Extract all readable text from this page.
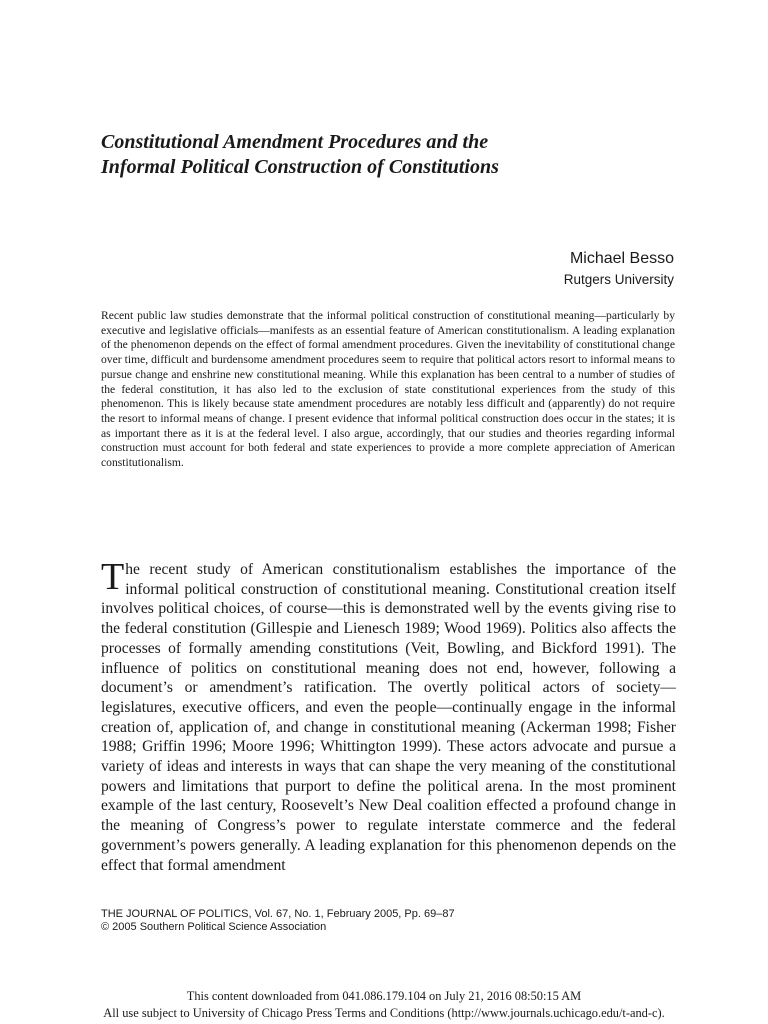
Constitutional Amendment Procedures and the
Informal Political Construction of Constitutions
Michael Besso
Rutgers University

Recent public law studies demonstrate that the informal political construction of constitutional meaning—particularly by executive and legislative officials—manifests as an essential feature of American constitutionalism. A leading explanation of the phenomenon depends on the effect of formal amendment procedures. Given the inevitability of constitutional change over time, difficult and burdensome amendment procedures seem to require that political actors resort to informal means to pursue change and enshrine new constitutional meaning. While this explanation has been central to a number of studies of the federal constitution, it has also led to the exclusion of state constitutional experiences from the study of this phenomenon. This is likely because state amendment procedures are notably less difficult and (apparently) do not require the resort to informal means of change. I present evidence that informal political construction does occur in the states; it is as important there as it is at the federal level. I also argue, accordingly, that our studies and theories regarding informal construction must account for both federal and state experiences to provide a more complete appreciation of American constitutionalism.

The recent study of American constitutionalism establishes the importance of the informal political construction of constitutional meaning. Constitutional creation itself involves political choices, of course—this is demonstrated well by the events giving rise to the federal constitution (Gillespie and Lienesch 1989; Wood 1969). Politics also affects the processes of formally amending constitutions (Veit, Bowling, and Bickford 1991). The influence of politics on constitutional meaning does not end, however, following a document’s or amendment’s ratification. The overtly political actors of society—legislatures, executive officers, and even the people—continually engage in the informal creation of, application of, and change in constitutional meaning (Ackerman 1998; Fisher 1988; Griffin 1996; Moore 1996; Whittington 1999). These actors advocate and pursue a variety of ideas and interests in ways that can shape the very meaning of the constitutional powers and limitations that purport to define the political arena. In the most prominent example of the last century, Roosevelt’s New Deal coalition effected a profound change in the meaning of Congress’s power to regulate interstate commerce and the federal government’s powers generally. A leading explanation for this phenomenon depends on the effect that formal amendment

THE JOURNAL OF POLITICS, Vol. 67, No. 1, February 2005, Pp. 69–87
© 2005 Southern Political Science Association
This content downloaded from 041.086.179.104 on July 21, 2016 08:50:15 AM
All use subject to University of Chicago Press Terms and Conditions (http://www.journals.uchicago.edu/t-and-c).
